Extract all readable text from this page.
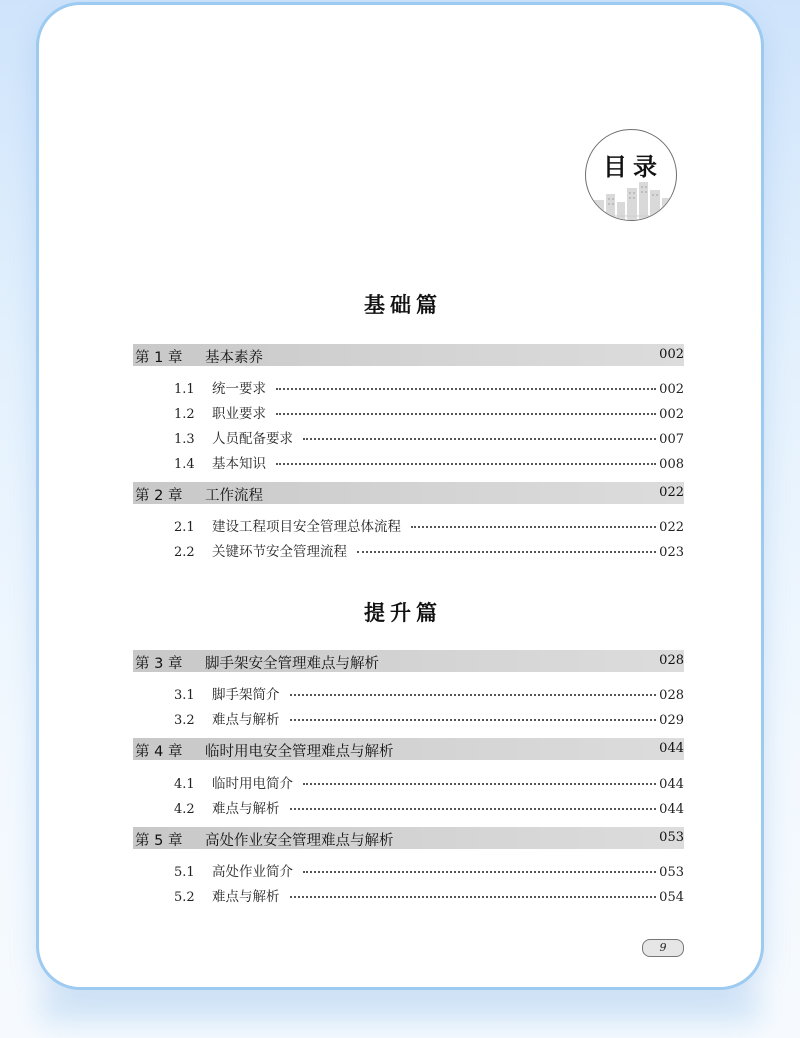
目录
基础篇
第 1 章 基本素养	002
1.1	统一要求	002
1.2	职业要求	002
1.3	人员配备要求	007
1.4	基本知识	008
第 2 章 工作流程	022
2.1	建设工程项目安全管理总体流程	022
2.2	关键环节安全管理流程	023
提升篇
第 3 章 脚手架安全管理难点与解析	028
3.1	脚手架简介	028
3.2	难点与解析	029
第 4 章 临时用电安全管理难点与解析	044
4.1	临时用电简介	044
4.2	难点与解析	044
第 5 章 高处作业安全管理难点与解析	053
5.1	高处作业简介	053
5.2	难点与解析	054
9
